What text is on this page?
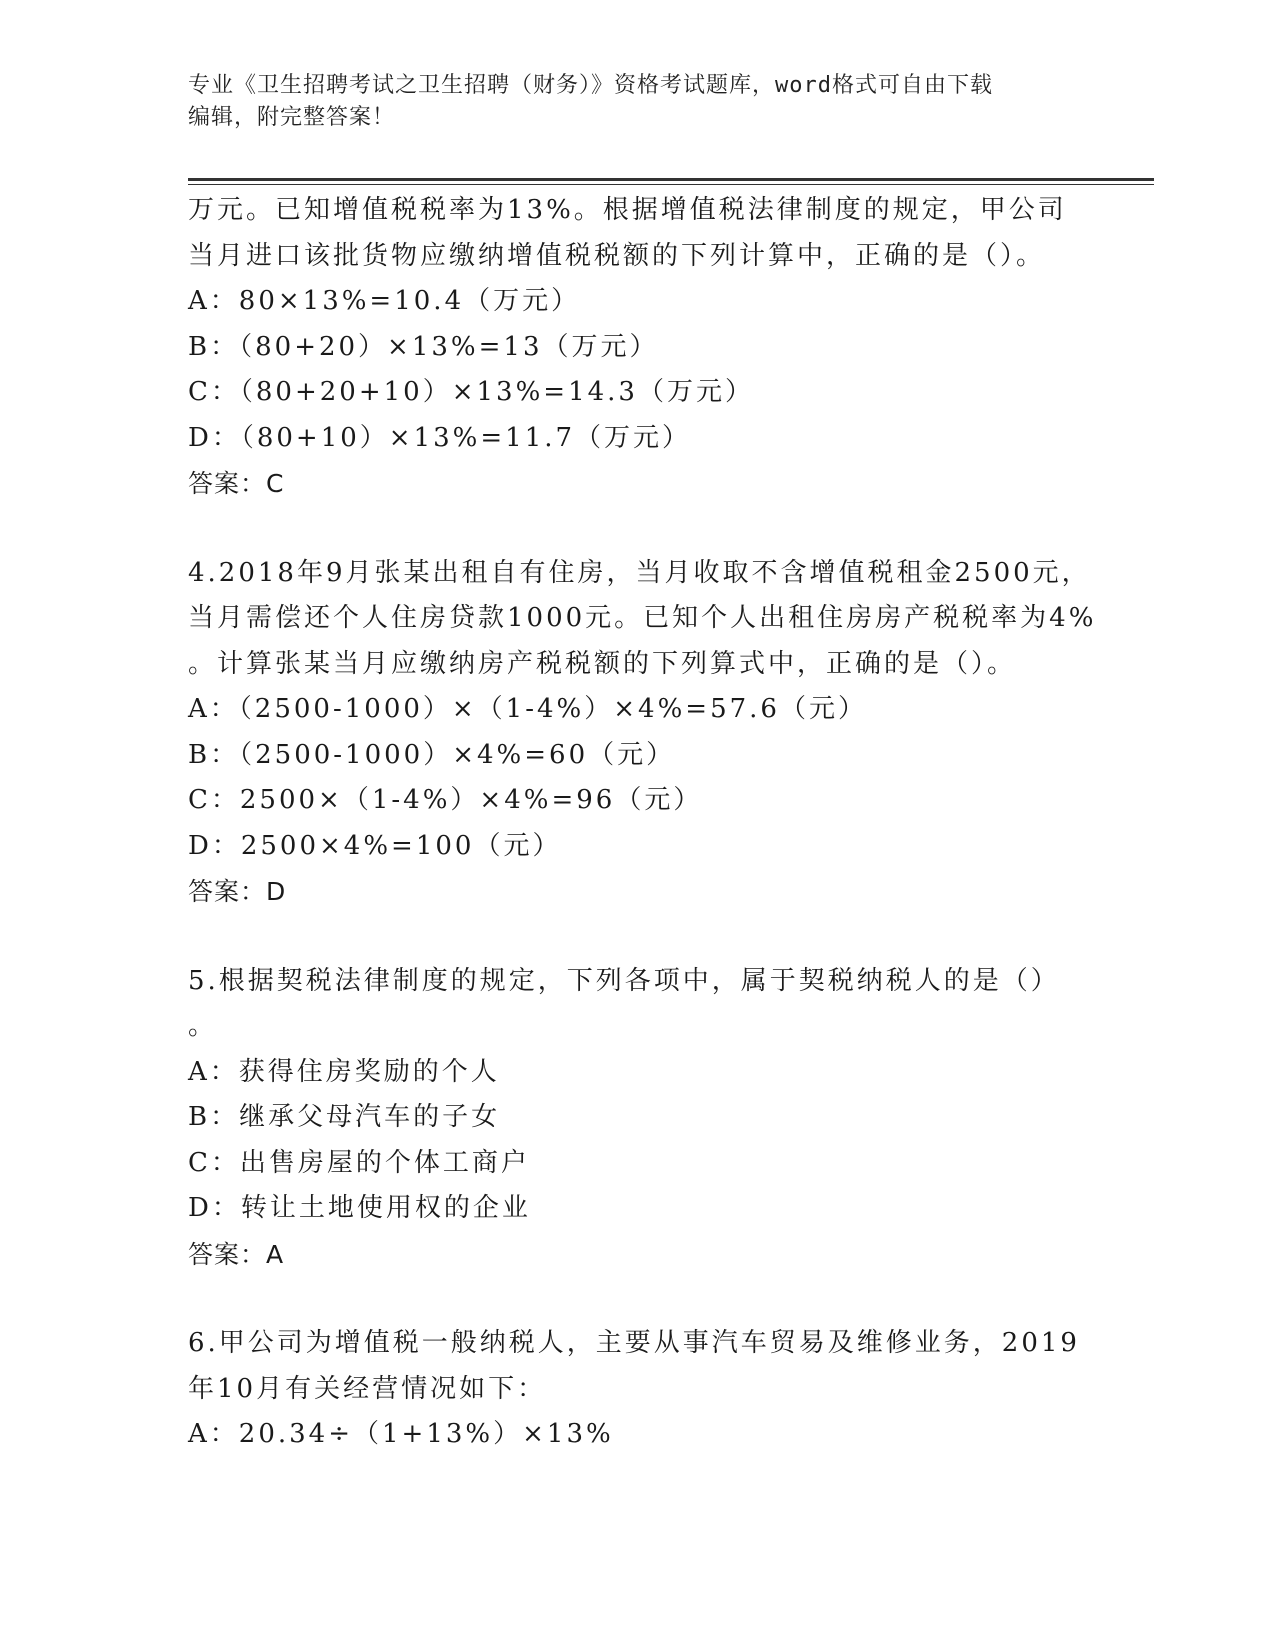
专业《卫生招聘考试之卫生招聘（财务）》资格考试题库，word格式可自由下载
编辑，附完整答案！
万元。已知增值税税率为13%。根据增值税法律制度的规定，甲公司
当月进口该批货物应缴纳增值税税额的下列计算中，正确的是（）。
A：80×13%=10.4（万元）
B：（80+20）×13%=13（万元）
C：（80+20+10）×13%=14.3（万元）
D：（80+10）×13%=11.7（万元）
答案：C
4.2018年9月张某出租自有住房，当月收取不含增值税租金2500元，
当月需偿还个人住房贷款1000元。已知个人出租住房房产税税率为4%
。计算张某当月应缴纳房产税税额的下列算式中，正确的是（）。
A：（2500-1000）×（1-4%）×4%=57.6（元）
B：（2500-1000）×4%=60（元）
C：2500×（1-4%）×4%=96（元）
D：2500×4%=100（元）
答案：D
5.根据契税法律制度的规定，下列各项中，属于契税纳税人的是（）
。
A：获得住房奖励的个人
B：继承父母汽车的子女
C：出售房屋的个体工商户
D：转让土地使用权的企业
答案：A
6.甲公司为增值税一般纳税人，主要从事汽车贸易及维修业务，2019
年10月有关经营情况如下：
A：20.34÷（1+13%）×13%
